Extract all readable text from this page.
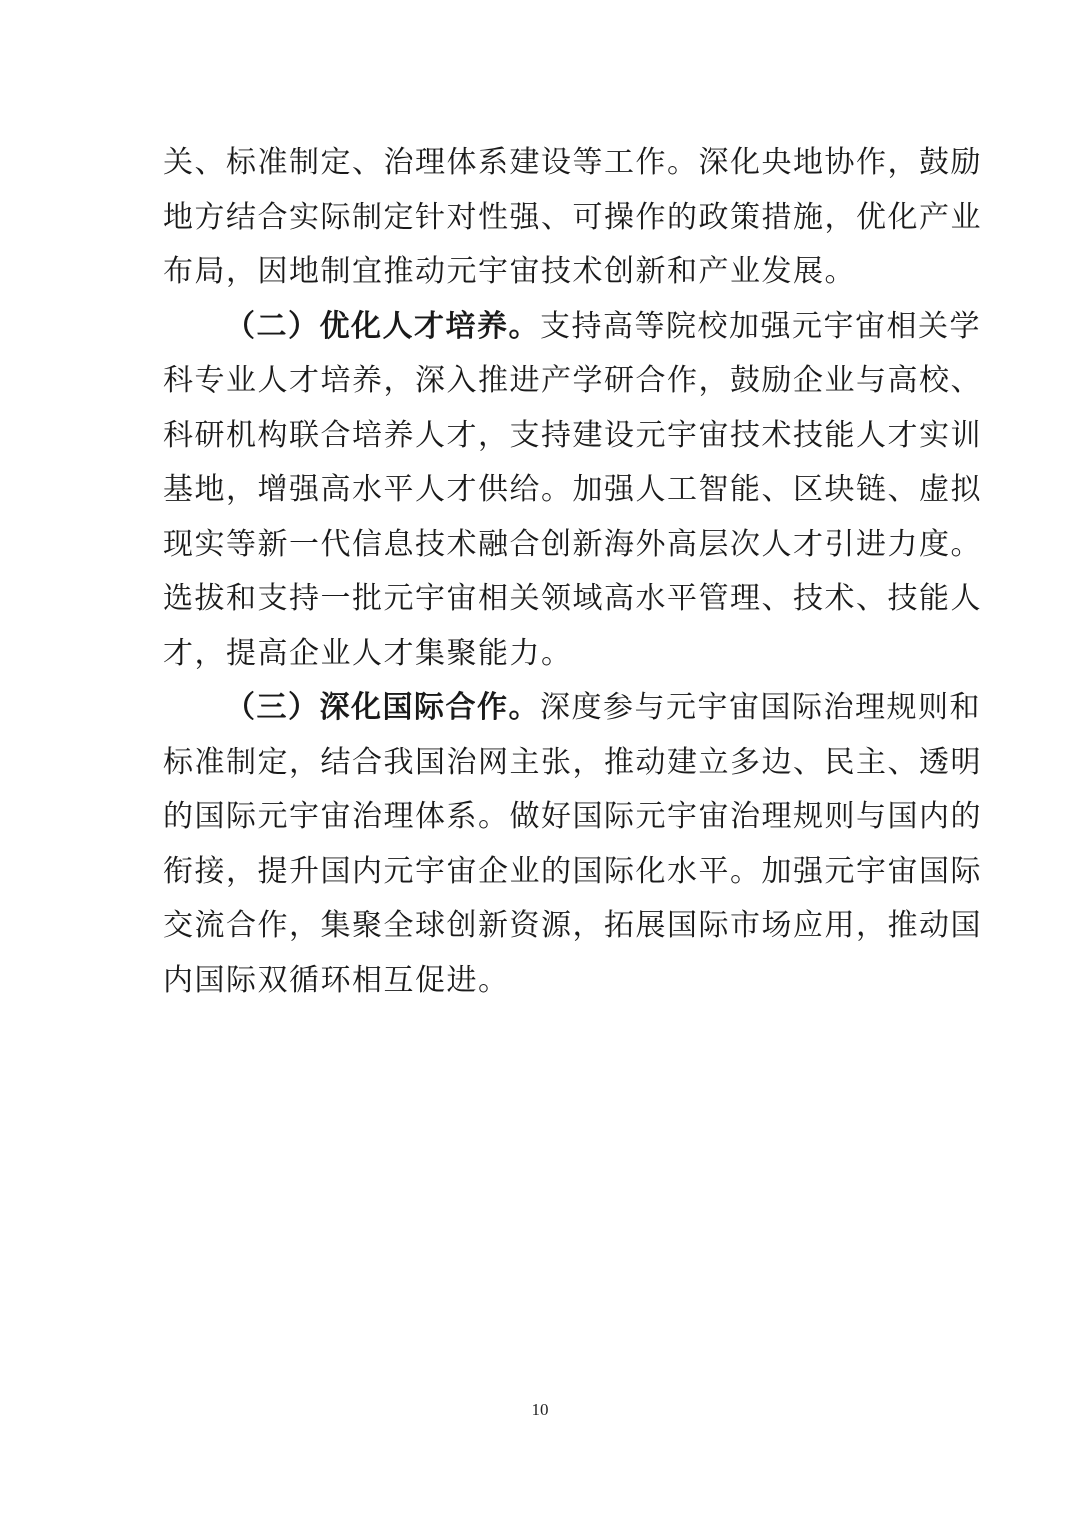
关、标准制定、治理体系建设等工作。深化央地协作，鼓励
地方结合实际制定针对性强、可操作的政策措施，优化产业
布局，因地制宜推动元宇宙技术创新和产业发展。
（二）优化人才培养。支持高等院校加强元宇宙相关学
科专业人才培养，深入推进产学研合作，鼓励企业与高校、
科研机构联合培养人才，支持建设元宇宙技术技能人才实训
基地，增强高水平人才供给。加强人工智能、区块链、虚拟
现实等新一代信息技术融合创新海外高层次人才引进力度。
选拔和支持一批元宇宙相关领域高水平管理、技术、技能人
才，提高企业人才集聚能力。
（三）深化国际合作。深度参与元宇宙国际治理规则和
标准制定，结合我国治网主张，推动建立多边、民主、透明
的国际元宇宙治理体系。做好国际元宇宙治理规则与国内的
衔接，提升国内元宇宙企业的国际化水平。加强元宇宙国际
交流合作，集聚全球创新资源，拓展国际市场应用，推动国
内国际双循环相互促进。
10
